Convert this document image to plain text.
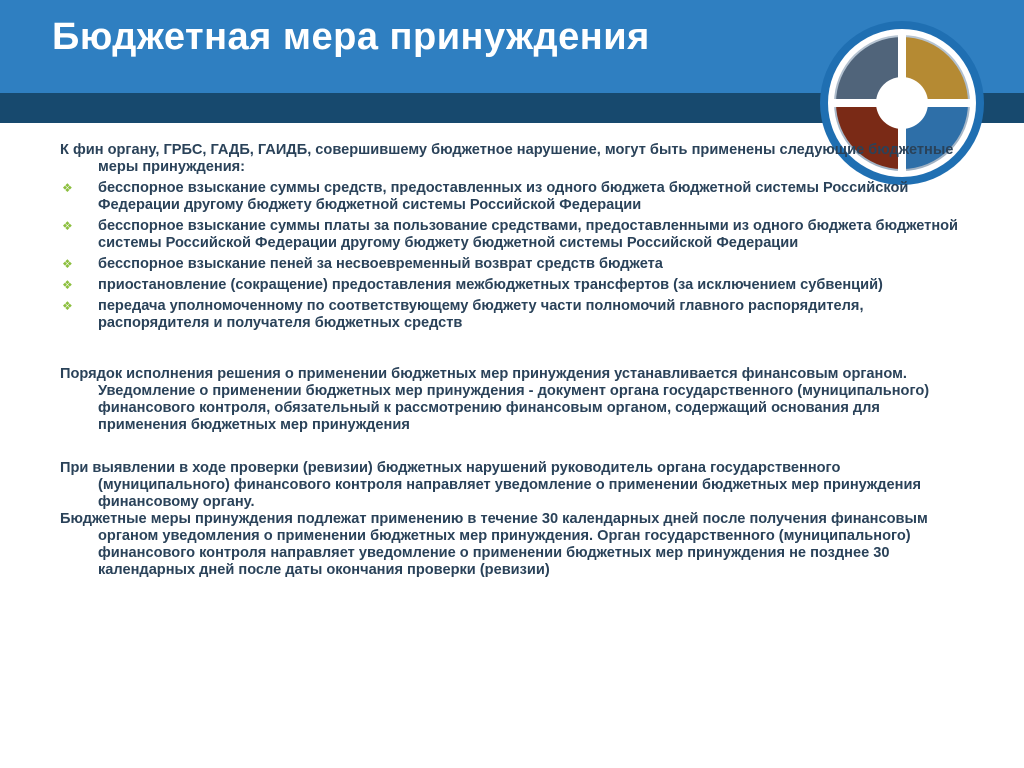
Бюджетная мера принуждения

К фин органу, ГРБС, ГАДБ, ГАИДБ, совершившему бюджетное нарушение, могут быть применены следующие бюджетные меры принуждения:

❖ бесспорное взыскание суммы средств, предоставленных из одного бюджета бюджетной системы Российской Федерации другому бюджету бюджетной системы Российской Федерации
❖ бесспорное взыскание суммы платы за пользование средствами, предоставленными из одного бюджета бюджетной системы Российской Федерации другому бюджету бюджетной системы Российской Федерации
❖ бесспорное взыскание пеней за несвоевременный возврат средств бюджета
❖ приостановление (сокращение) предоставления межбюджетных трансфертов (за исключением субвенций)
❖ передача уполномоченному по соответствующему бюджету части полномочий главного распорядителя, распорядителя и получателя бюджетных средств

Порядок исполнения решения о применении бюджетных мер принуждения устанавливается финансовым органом. Уведомление о применении бюджетных мер принуждения - документ органа государственного (муниципального) финансового контроля, обязательный к рассмотрению финансовым органом, содержащий основания для применения бюджетных мер принуждения

При выявлении в ходе проверки (ревизии) бюджетных нарушений руководитель органа государственного (муниципального) финансового контроля направляет уведомление о применении бюджетных мер принуждения финансовому органу.

Бюджетные меры принуждения подлежат применению в течение 30 календарных дней после получения финансовым органом уведомления о применении бюджетных мер принуждения. Орган государственного (муниципального) финансового контроля направляет уведомление о применении бюджетных мер принуждения не позднее 30 календарных дней после даты окончания проверки (ревизии)
